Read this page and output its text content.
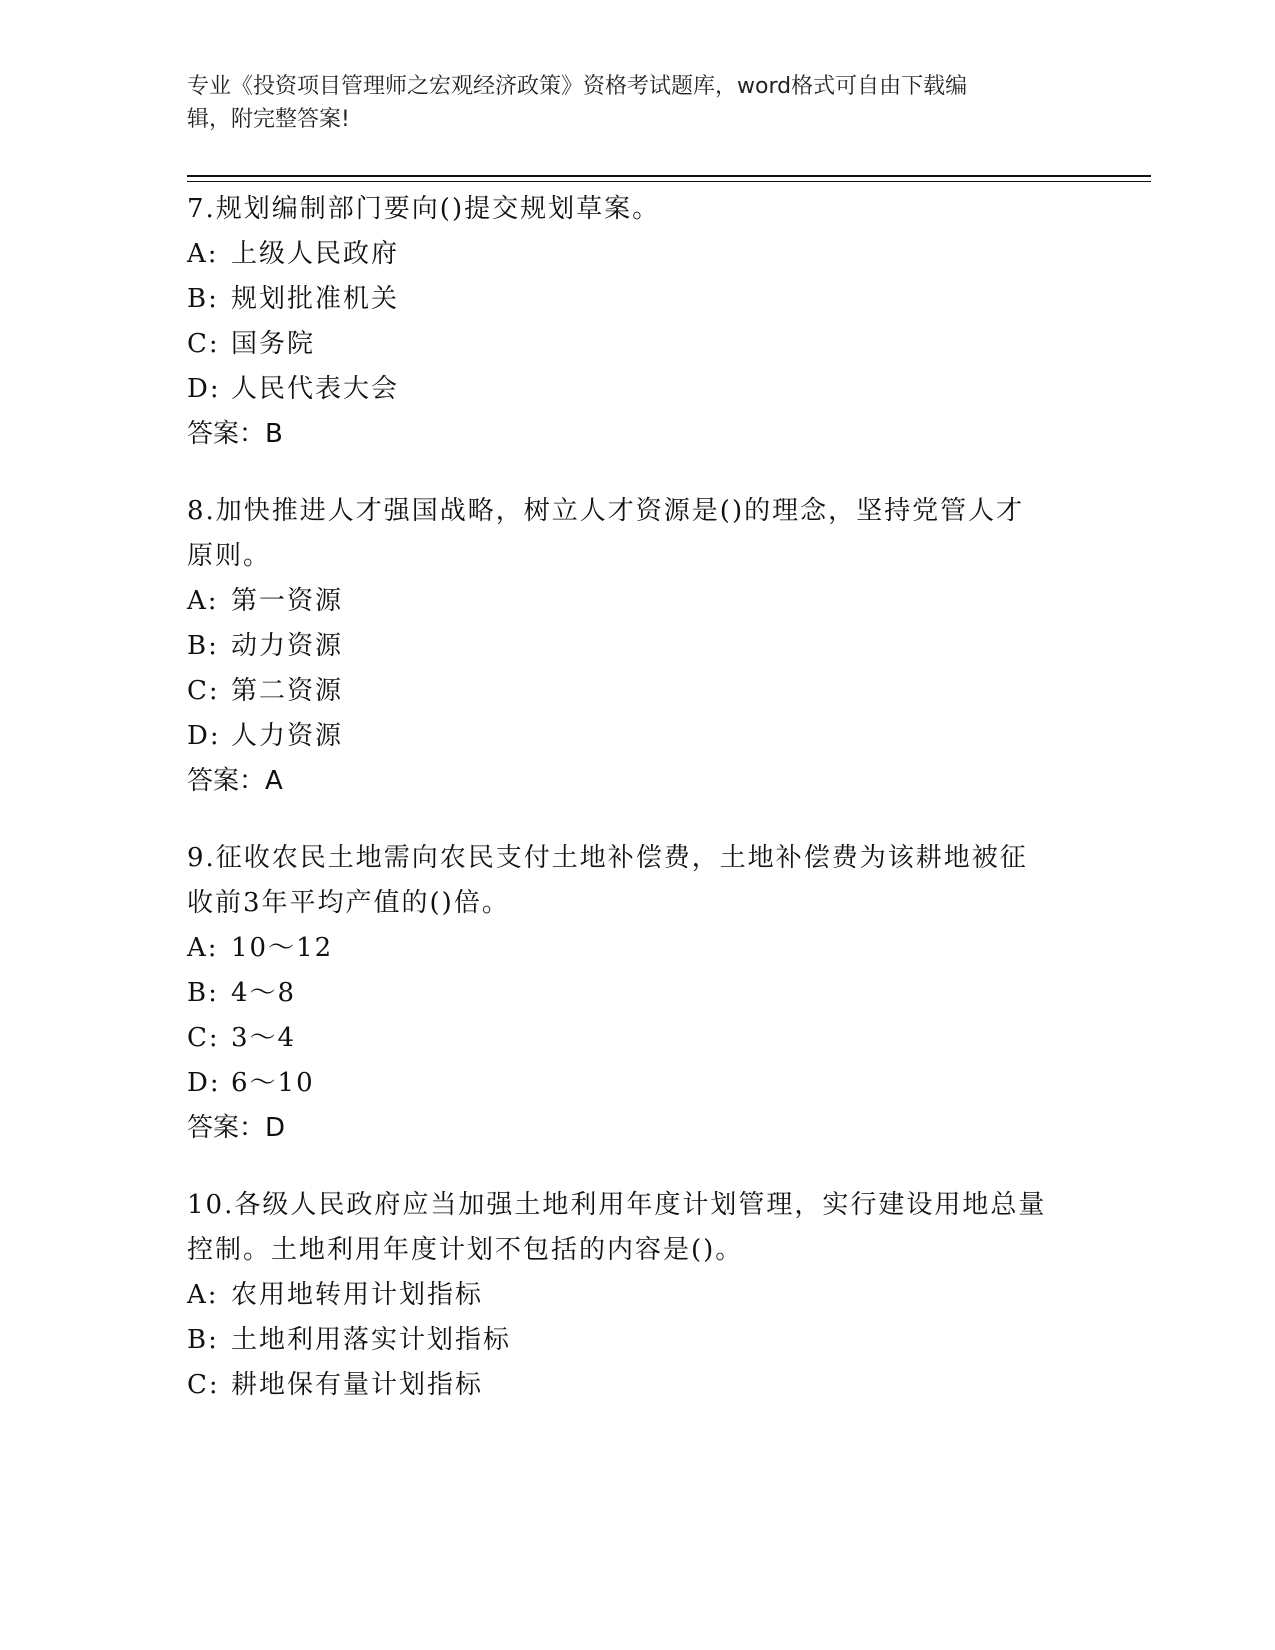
专业《投资项目管理师之宏观经济政策》资格考试题库，word格式可自由下载编
辑，附完整答案!

7.规划编制部门要向()提交规划草案。

A: 上级人民政府

B: 规划批准机关

C: 国务院

D: 人民代表大会

答案：B

8.加快推进人才强国战略，树立人才资源是()的理念，坚持党管人才

原则。

A: 第一资源

B: 动力资源

C: 第二资源

D: 人力资源

答案：A

9.征收农民土地需向农民支付土地补偿费，土地补偿费为该耕地被征

收前3年平均产值的()倍。

A: 10～12

B: 4～8

C: 3～4

D: 6～10

答案：D

10.各级人民政府应当加强土地利用年度计划管理，实行建设用地总量

控制。土地利用年度计划不包括的内容是()。

A: 农用地转用计划指标

B: 土地利用落实计划指标

C: 耕地保有量计划指标
